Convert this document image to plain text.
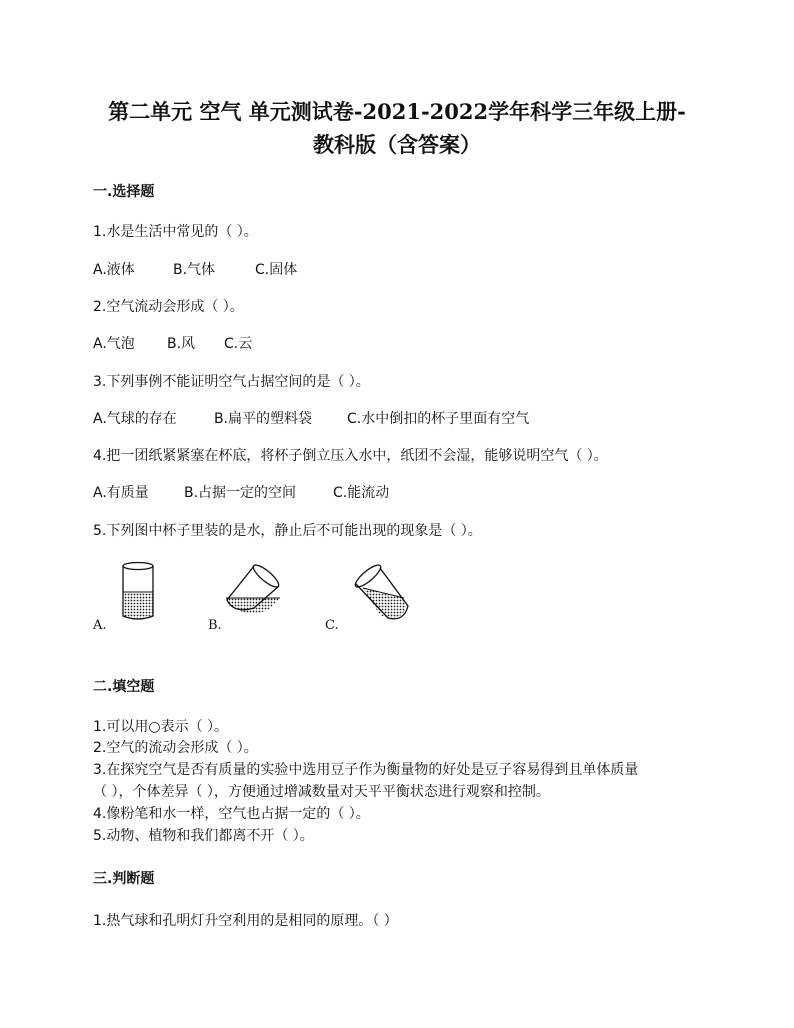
第二单元 空气 单元测试卷-2021-2022学年科学三年级上册-
教科版（含答案）
一.选择题
1.水是生活中常见的（ ）。
A.液体	B.气体	C.固体
2.空气流动会形成（ ）。
A.气泡 B.风 C.云
3.下列事例不能证明空气占据空间的是（ ）。
A.气球的存在	B.扁平的塑料袋 C.水中倒扣的杯子里面有空气
4.把一团纸紧紧塞在杯底，将杯子倒立压入水中，纸团不会湿，能够说明空气（ ）。
A.有质量	B.占据一定的空间	C.能流动
5.下列图中杯子里装的是水，静止后不可能出现的现象是（ ）。
A.	B.	C.
二.填空题
1.可以用○表示（ ）。
2.空气的流动会形成（ ）。
3.在探究空气是否有质量的实验中选用豆子作为衡量物的好处是豆子容易得到且单体质量
（ ），个体差异（ ），方便通过增减数量对天平平衡状态进行观察和控制。
4.像粉笔和水一样，空气也占据一定的（ ）。
5.动物、植物和我们都离不开（ ）。
三.判断题
1.热气球和孔明灯升空利用的是相同的原理。（ ）
